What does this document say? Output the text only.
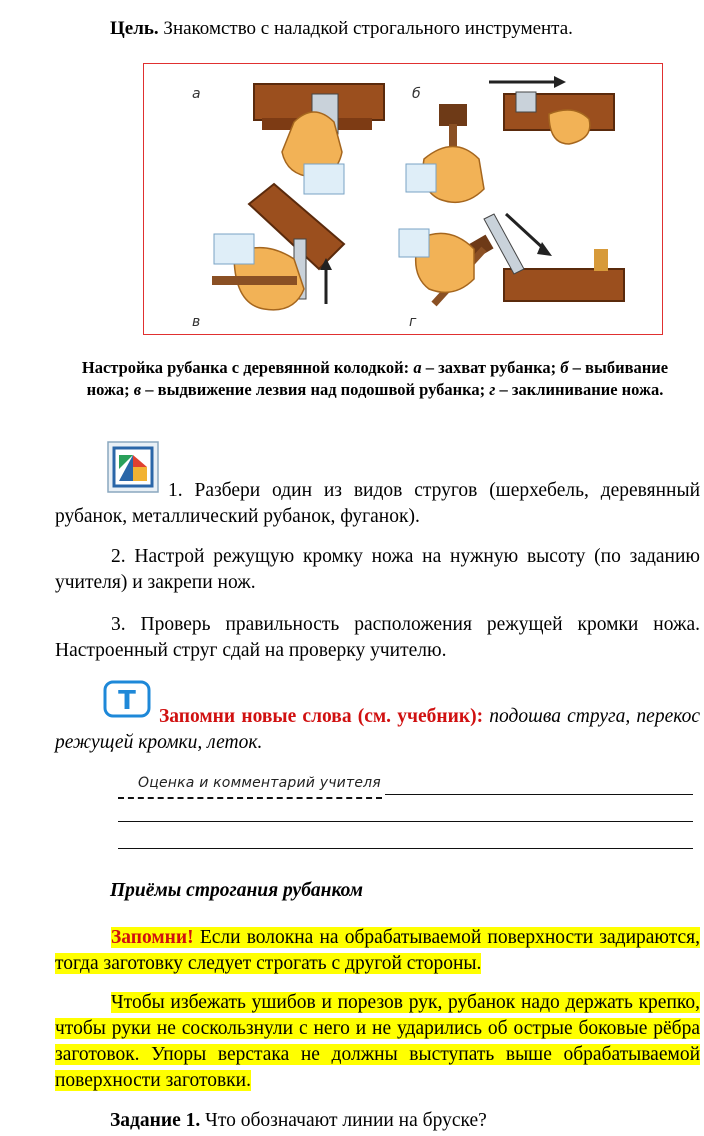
Цель. Знакомство с наладкой строгального инструмента.
а	б
в	г
Настройка рубанка с деревянной колодкой: а – захват рубанка; б – выбивание ножа; в – выдвижение лезвия над подошвой рубанка; г – заклинивание ножа.
1. Разбери один из видов стругов (шерхебель, деревянный рубанок, металлический рубанок, фуганок).
2. Настрой режущую кромку ножа на нужную высоту (по заданию учителя) и закрепи нож.
3. Проверь правильность расположения режущей кромки ножа. Настроенный струг сдай на проверку учителю.
Т
Запомни новые слова (см. учебник): подошва струга, перекос режущей кромки, леток.
Оценка и комментарий учителя
Приёмы строгания рубанком
Запомни! Если волокна на обрабатываемой поверхности задираются, тогда заготовку следует строгать с другой стороны.
Чтобы избежать ушибов и порезов рук, рубанок надо держать крепко, чтобы руки не соскользнули с него и не ударились об острые боковые рёбра заготовок. Упоры верстака не должны выступать выше обрабатываемой поверхности заготовки.
Задание 1. Что обозначают линии на бруске?
